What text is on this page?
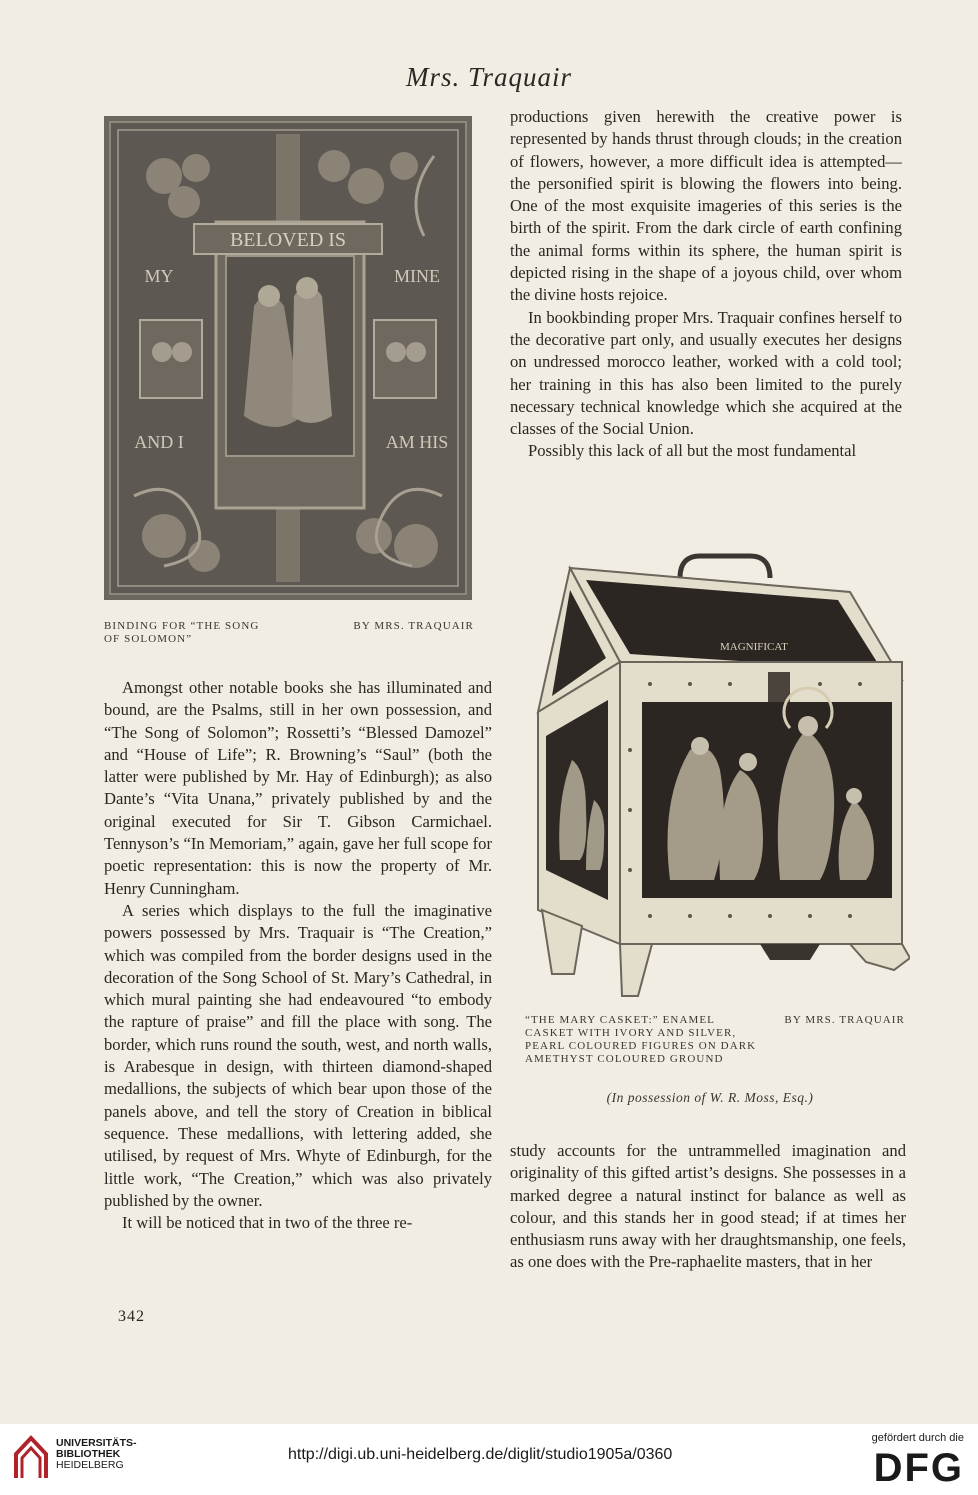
Mrs. Traquair
BELOVED IS
MY	MINE
AND I	AM HIS
BINDING FOR “THE SONG OF SOLOMON”
BY MRS. TRAQUAIR

productions given herewith the creative power is represented by hands thrust through clouds; in the creation of flowers, however, a more difficult idea is attempted—the personified spirit is blowing the flowers into being. One of the most exquisite imageries of this series is the birth of the spirit. From the dark circle of earth confining the animal forms within its sphere, the human spirit is depicted rising in the shape of a joyous child, over whom the divine hosts rejoice.

In bookbinding proper Mrs. Traquair confines herself to the decorative part only, and usually executes her designs on undressed morocco leather, worked with a cold tool; her training in this has also been limited to the purely necessary technical knowledge which she acquired at the classes of the Social Union.

Possibly this lack of all but the most fundamental

MAGNIFICAT
“THE MARY CASKET:” ENAMEL CASKET WITH IVORY AND SILVER, PEARL COLOURED FIGURES ON DARK AMETHYST COLOURED GROUND
BY MRS. TRAQUAIR
(In possession of W. R. Moss, Esq.)

Amongst other notable books she has illuminated and bound, are the Psalms, still in her own possession, and “The Song of Solomon”; Rossetti’s “Blessed Damozel” and “House of Life”; R. Browning’s “Saul” (both the latter were published by Mr. Hay of Edinburgh); as also Dante’s “Vita Unana,” privately published by and the original executed for Sir T. Gibson Carmichael. Tennyson’s “In Memoriam,” again, gave her full scope for poetic representation: this is now the property of Mr. Henry Cunningham.

A series which displays to the full the imaginative powers possessed by Mrs. Traquair is “The Creation,” which was compiled from the border designs used in the decoration of the Song School of St. Mary’s Cathedral, in which mural painting she had endeavoured “to embody the rapture of praise” and fill the place with song. The border, which runs round the south, west, and north walls, is Arabesque in design, with thirteen diamond-shaped medallions, the subjects of which bear upon those of the panels above, and tell the story of Creation in biblical sequence. These medallions, with lettering added, she utilised, by request of Mrs. Whyte of Edinburgh, for the little work, “The Creation,” which was also privately published by the owner.

It will be noticed that in two of the three re-

study accounts for the untrammelled imagination and originality of this gifted artist’s designs. She possesses in a marked degree a natural instinct for balance as well as colour, and this stands her in good stead; if at times her enthusiasm runs away with her draughtsmanship, one feels, as one does with the Pre-raphaelite masters, that in her

342
UNIVERSITÄTS-
BIBLIOTHEK
HEIDELBERG
http://digi.ub.uni-heidelberg.de/diglit/studio1905a/0360
gefördert durch die
DFG
